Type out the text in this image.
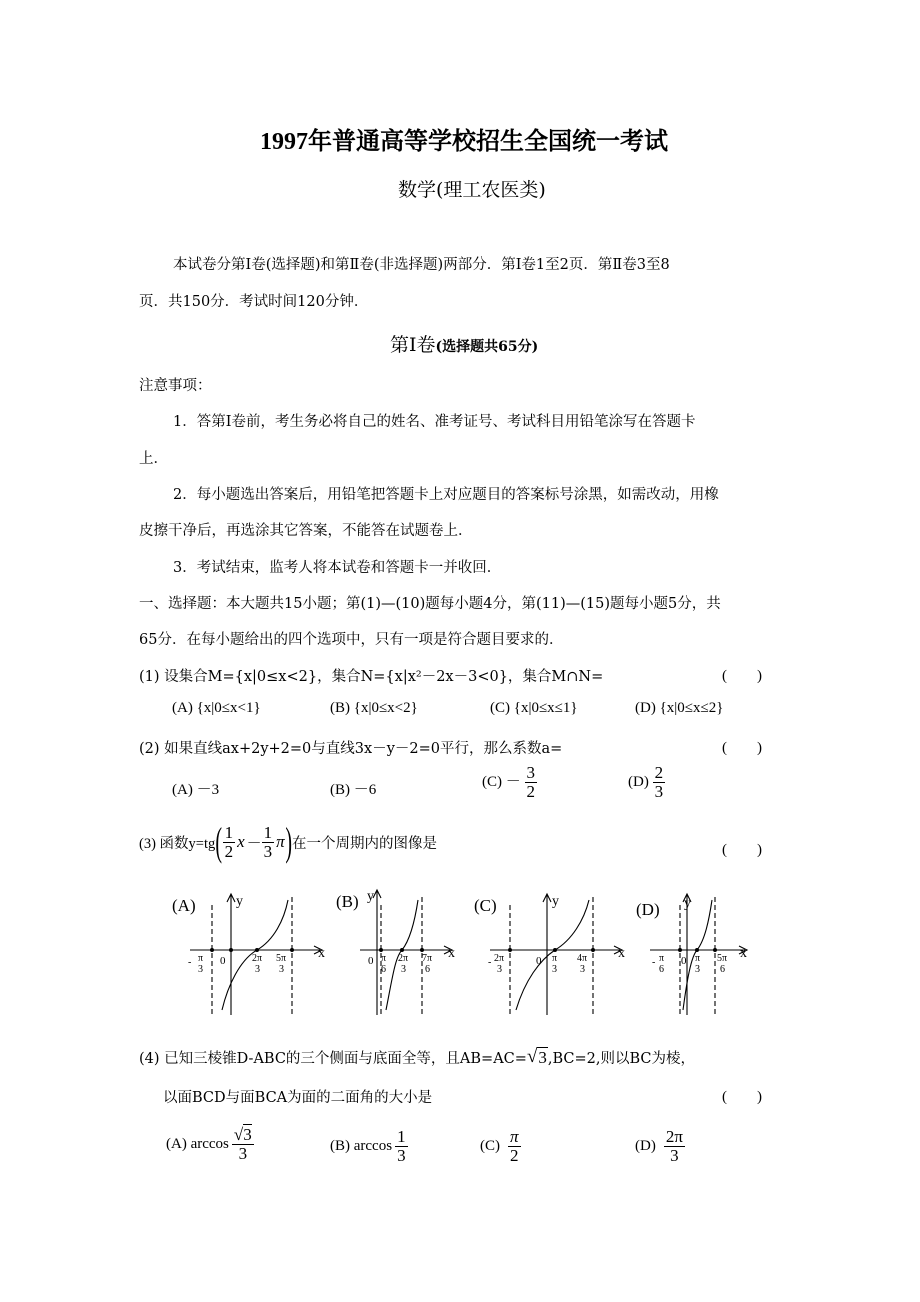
1997年普通高等学校招生全国统一考试
数学(理工农医类)
本试卷分第Ⅰ卷(选择题)和第Ⅱ卷(非选择题)两部分．第Ⅰ卷1至2页．第Ⅱ卷3至8
页．共150分．考试时间120分钟．
第Ⅰ卷(选择题共65分)
注意事项：
1．答第Ⅰ卷前，考生务必将自己的姓名、准考证号、考试科目用铅笔涂写在答题卡
上．
2．每小题选出答案后，用铅笔把答题卡上对应题目的答案标号涂黑，如需改动，用橡
皮擦干净后，再选涂其它答案，不能答在试题卷上．
3．考试结束，监考人将本试卷和答题卡一并收回．
一、选择题：本大题共15小题；第(1)—(10)题每小题4分，第(11)—(15)题每小题5分，共
65分．在每小题给出的四个选项中，只有一项是符合题目要求的．
(1) 设集合M={x|0≤x<2}，集合N={x|x²－2x－3<0}，集合M∩N=	(　　)
(A) {x|0≤x<1}	(B) {x|0≤x<2}	(C) {x|0≤x≤1}	(D) {x|0≤x≤2}
(2) 如果直线ax+2y+2=0与直线3x－y－2=0平行，那么系数a=	(　　)
(A) －3	(B) －6
$(C) - \frac{3}{2}$	$(D) \frac{2}{3}$
(3) 函数y=tg ( $\frac{1}{2}$ $x - \frac{1}{3}$ π ) 在一个周期内的图像是	(　　)
(A)	y
x
0
- π
3
2π
3
5π
3
(B) y
x
0 π
6
2π
3
7π
6
(C)	y
x
0
- 2π
3
π
3
4π
3
(D) y
x
0
- π
6
π
3
5π
6
(4) 已知三棱锥D-ABC的三个侧面与底面全等，且AB=AC= √ 3 ,BC=2,则以BC为棱，
以面BCD与面BCA为面的二面角的大小是	(　　)
(A) $\arccos \frac{√3}{3}$	(B) $\arccos \frac{1}{3}$	$(C) \frac{\pi}{2}$	$(D) \frac{2\pi}{3}$
